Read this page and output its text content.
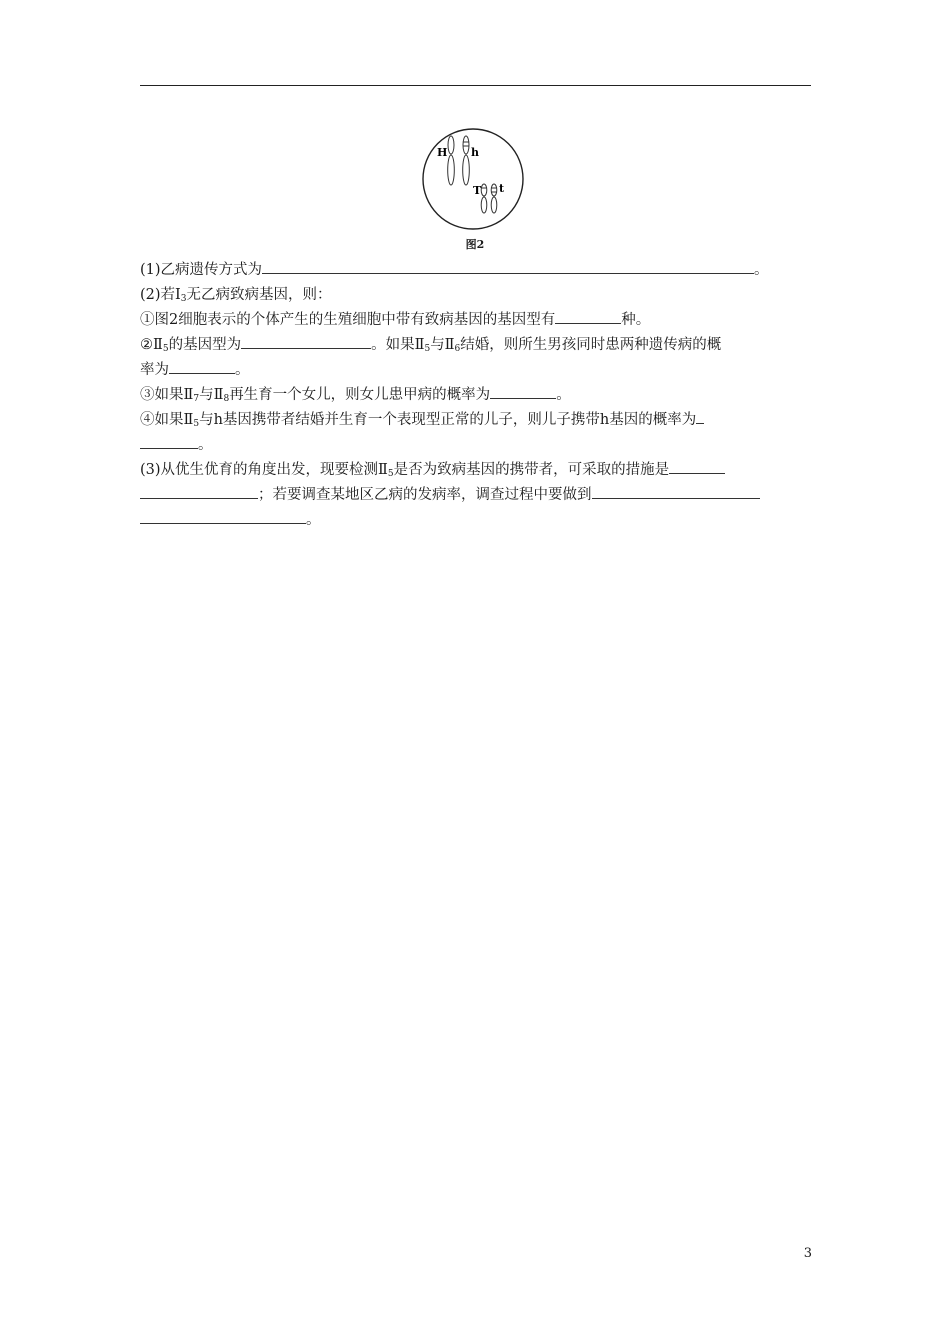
H h
T t
图2
(1)乙病遗传方式为	。
(2)若$Ⅰ_3$无乙病致病基因，则：
①图2细胞表示的个体产生的生殖细胞中带有致病基因的基因型有	种。
$②Ⅱ_5$的基因型为	。如果$Ⅱ_5$与$Ⅱ_6$结婚，则所生男孩同时患两种遗传病的概
率为	。
③如果$Ⅱ_7$与$Ⅱ_8$再生育一个女儿，则女儿患甲病的概率为	。
④如果$Ⅱ_5$与h基因携带者结婚并生育一个表现型正常的儿子，则儿子携带h基因的概率为
。
(3)从优生优育的角度出发，现要检测$Ⅱ_5$是否为致病基因的携带者，可采取的措施是
；若要调查某地区乙病的发病率，调查过程中要做到
。
3
